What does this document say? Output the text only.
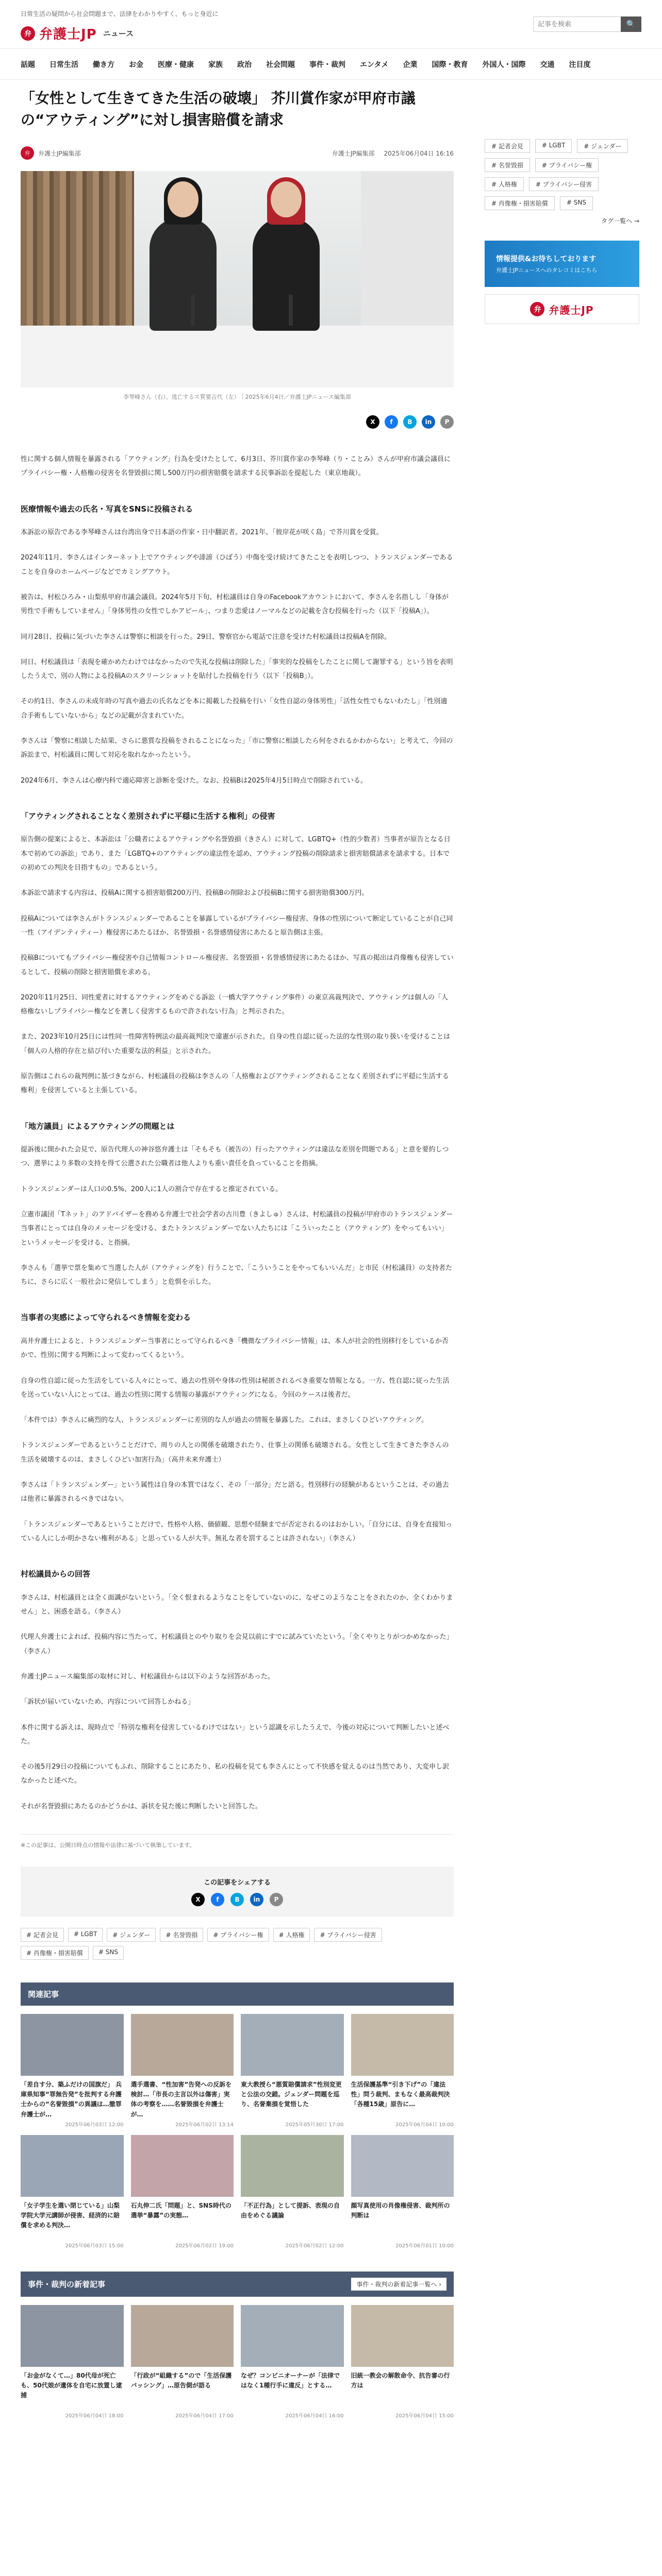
日常生活の疑問から社会問題まで、法律をわかりやすく、もっと身近に
弁 弁護士JP ニュース
記事を検索
🔍
話題 日常生活 働き方 お金 医療・健康 家族 政治 社会問題 事件・裁判 エンタメ 企業 国際・教育 外国人・国際 交通 注目度
「女性として生きてきた生活の破壊」 芥川賞作家が甲府市議の“アウティング”に対し損害賠償を請求
弁	弁護士JP編集部	弁護士JP編集部 2025年06月04日 16:16
李琴峰さん（右）、逃亡するス質要吉代（左）｜2025年6月4日／弁護士JPニュース編集部
X	f	B	in	P

性に関する個人情報を暴露される「アウティング」行為を受けたとして、6月3日、芥川賞作家の李琴峰（り・ことみ）さんが甲府市議会議員にプライバシー権・人格権の侵害を名誉毀損に関し500万円の損害賠償を請求する民事訴訟を提起した（東京地裁）。

医療情報や過去の氏名・写真をSNSに投稿される

本訴訟の原告である李琴峰さんは台湾出身で日本語の作家・日中翻訳者。2021年、「彼岸花が咲く島」で芥川賞を受賞。

2024年11月、李さんはインターネット上でアウティングや誹謗（ひぼう）中傷を受け続けてきたことを表明しつつ、トランスジェンダーであることを自身のホームページなどでカミングアウト。

被告は、村松ひろみ・山梨県甲府市議会議員。2024年5月下旬、村松議員は自身のFacebookアカウントにおいて、李さんを名指しし「身体が男性で手術もしていません」「身体男性の女性でしかアピール」、つまり恋愛はノーマルなどの記載を含む投稿を行った（以下「投稿A」）。

同月28日、投稿に気づいた李さんは警察に相談を行った。29日、警察官から電話で注意を受けた村松議員は投稿Aを削除。

同日、村松議員は「表現を確かめたわけではなかったので失礼な投稿は削除した」「事実的な投稿をしたことに関して謝罪する」という旨を表明したうえで、別の人物による投稿Aのスクリーンショットを貼付した投稿を行う（以下「投稿B」）。

その約1日、李さんの未成年時の写真や過去の氏名などを本に掲載した投稿を行い「女性自認の身体男性」「活性女性でもないわたし」「性別適合手術もしていないから」などの記載が含まれていた。

李さんは「警察に相談した結果、さらに悪質な投稿をされることになった」「市に警察に相談したら何をされるかわからない」と考えて、今回の訴訟まで、村松議員に関して対応を取れなかったという。

2024年6月、李さんは心療内科で適応障害と診断を受けた。なお、投稿Bは2025年4月5日時点で削除されている。

「アウティングされることなく差別されずに平穏に生活する権利」の侵害

原告側の提案によると、本訴訟は「公職者によるアウティングや名誉毀損（きさん）に対して、LGBTQ+（性的少数者）当事者が原告となる日本で初めての訴訟」であり、また「LGBTQ+のアウティングの違法性を認め、アウティング投稿の削除請求と損害賠償請求を請求する。日本での初めての判決を目指すもの」であるという。

本訴訟で請求する内容は、投稿Aに関する損害賠償200万円、投稿Bの削除および投稿Bに関する損害賠償300万円。

投稿Aについては李さんがトランスジェンダーであることを暴露しているがプライバシー権侵害、身体の性別について断定していることが自己同一性（アイデンティティー）権侵害にあたるほか、名誉毀損・名誉感情侵害にあたると原告側は主張。

投稿Bについてもプライバシー権侵害や自己情報コントロール権侵害、名誉毀損・名誉感情侵害にあたるほか、写真の掲出は肖像権も侵害しているとして、投稿の削除と損害賠償を求める。

2020年11月25日、同性愛者に対するアウティングをめぐる訴訟（一橋大学アウティング事件）の東京高裁判決で、アウティングは個人の「人格権ないしプライバシー権などを著しく侵害するもので許されない行為」と判示された。

また、2023年10月25日には性同一性障害特例法の最高裁判決で違憲が示された。自身の性自認に従った法的な性別の取り扱いを受けることは「個人の人格的存在と結び付いた重要な法的利益」と示された。

原告側はこれらの裁判例に基づきながら、村松議員の投稿は李さんの「人格権およびアウティングされることなく差別されずに平穏に生活する権利」を侵害していると主張している。

「地方議員」によるアウティングの問題とは

提訴後に開かれた会見で、原告代理人の神谷悠弁護士は「そもそも（被告の）行ったアウティングは違法な差別を問題である」と意を要約しつつ、選挙により多数の支持を得て公選された公職者は他人よりも重い責任を負っていることを指摘。

トランスジェンダーは人口の0.5%、200人に1人の割合で存在すると推定されている。

立憲市議団「Tネット」のアドバイザーを務める弁護士で社会学者の古川豊（きよしゅ）さんは、村松議員の投稿が甲府市のトランスジェンダー当事者にとっては自身のメッセージを受ける、またトランスジェンダーでない人たちには「こういったこと（アウティング）をやってもいい」というメッセージを受ける、と指摘。

李さんも「選挙で票を集めて当選した人が（アウティングを）行うことで、「こういうことをやってもいいんだ」と市民（村松議員）の支持者たちに、さらに広く一般社会に発信してしまう」と危惧を示した。

当事者の実感によって守られるべき情報を変わる

高井弁護士によると、トランスジェンダー当事者にとって守られるべき「機微なプライバシー情報」は、本人が社会的性別移行をしているか否かで、性別に関する判断によって変わってくるという。

自身の性自認に従った生活をしている人々にとって、過去の性別や身体の性別は秘匿されるべき重要な情報となる。一方、性自認に従った生活を送っていない人にとっては、過去の性別に関する情報の暴露がアウティングになる。今回のケースは後者だ。

「本件では）李さんに痛烈的な人、トランスジェンダーに差別的な人が過去の情報を暴露した。これは、まさしくひどいアウティング。

トランスジェンダーであるということだけで、周りの人との関係を破壊されたり、仕事上の関係も破壊される。女性として生きてきた李さんの生活を破壊するのは、まさしくひどい加害行為」（高井未来弁護士）

李さんは「トランスジェンダー」という属性は自身の本質ではなく、その「一部分」だと語る。性別移行の経験があるということは、その過去は他者に暴露されるべきではない。

「トランスジェンダーであるということだけで、性格や人格、価値観、思想や経験までが否定されるのはおかしい。「自分には、自身を直接知っている人にしか明かさない権利がある」と思っている人が大半。無礼な者を罰することは許されない」（李さん）

村松議員からの回答

李さんは、村松議員とは全く面識がないという。「全く恨まれるようなことをしていないのに、なぜこのようなことをされたのか、全くわかりません」と、困惑を語る。（李さん）

代理人弁護士によれば、投稿内容に当たって、村松議員とのやり取りを会見以前にすでに試みていたという。「全くやりとりがつかめなかった」（李さん）

弁護士JPニュース編集部の取材に対し、村松議員からは以下のような回答があった。

「訴状が届いていないため、内容について回答しかねる」

本件に関する訴えは、現時点で「特別な権利を侵害しているわけではない」という認識を示したうえで、今後の対応について判断したいと述べた。

その後5月29日の投稿についてもふれ、削除することにあたり、私の投稿を見ても李さんにとって不快感を覚えるのは当然であり、大変申し訳なかったと述べた。

それが名誉毀損にあたるのかどうかは、訴状を見た後に判断したいと回答した。

※この記事は、公開日時点の情報や法律に基づいて執筆しています。
この記事をシェアする
X	f	B	in	P
# 記者会見	# LGBT	# ジェンダー	# 名誉毀損	# プライバシー権	# 人格権	# プライバシー侵害
# 肖像権・損害賠償	# SNS
関連記事
「差自す分、築ふだけの国旗だ」 兵庫県知事“罪無告発”を批判する弁護士からの“名誉毀損”の異議は…撤罪弁護士が…
2025年06月03日 12:00
選手選書、“性加害”告発への反訴を検討…「市長の主言以外は傷害」実体の考察を……名誉毀損を弁護士が…
2025年06月02日 13:14
東大教授ら“悪質賠償請求”性別変更と公法の交錯。ジェンダー問題を巡り、名誉棄損を覚悟した
2025年05月30日 17:00
生活保護基準“引き下げ”の「違法性」問う裁判、まもなく最高裁判決「各種15歳」原告に…
2025年06月04日 10:00
「女子学生を選い閉じている」山梨学院大学元講師が侵害、経済的に賠償を求める判決…
2025年06月03日 15:00
石丸伸二氏「問題」と、SNS時代の選挙“暴露”の実態…
2025年06月02日 19:00
「不正行為」として提訴、表現の自由をめぐる議論
2025年06月02日 12:00
顔写真使用の肖像権侵害、裁判所の判断は
2025年06月01日 10:00
事件・裁判の新着記事	事件・裁判の新着記事一覧へ ›
「お金がなくて…」80代母が死亡も、50代娘が遺体を自宅に放置し逮捕
2025年06月04日 18:00
「行政が“組織する”ので「生活保護バッシング」…原告側が語る
2025年06月04日 17:00
なぜ？コンビニオーナーが「法律ではなく1種行手に違反」とする…
2025年06月04日 16:00
旧統一教会の解散命令、抗告審の行方は
2025年06月04日 15:00
# 記者会見	# LGBT	# ジェンダー
# 名誉毀損	# プライバシー権
# 人格権	# プライバシー侵害
# 肖像権・損害賠償	# SNS
タグ一覧へ →
情報提供&お待ちしております
弁護士JPニュースへのタレコミはこちら
弁 弁護士JP
